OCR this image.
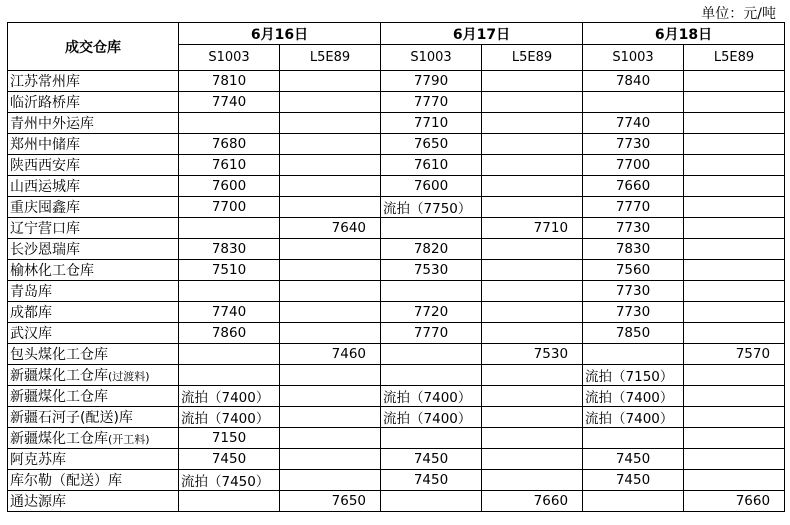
单位：元/吨
成交仓库	6月16日		6月17日		6月18日	
	S1003	L5E89	S1003	L5E89	S1003	L5E89
江苏常州库	7810		7790		7840	
临沂路桥库	7740		7770			
青州中外运库			7710		7740	
郑州中储库	7680		7650		7730	
陕西西安库	7610		7610		7700	
山西运城库	7600		7600		7660	
重庆囤鑫库	7700		流拍（7750）		7770	
辽宁营口库		7640		7710	7730	
长沙恩瑞库	7830		7820		7830	
榆林化工仓库	7510		7530		7560	
青岛库					7730	
成都库	7740		7720		7730	
武汉库	7860		7770		7850	
包头煤化工仓库		7460		7530		7570
新疆煤化工仓库(过渡料)					流拍（7150）	
新疆煤化工仓库	流拍（7400）		流拍（7400）		流拍（7400）	
新疆石河子(配送)库	流拍（7400）		流拍（7400）		流拍（7400）	
新疆煤化工仓库(开工料)	7150					
阿克苏库	7450		7450		7450	
库尔勒（配送）库	流拍（7450）		7450		7450	
通达源库		7650		7660		7660
